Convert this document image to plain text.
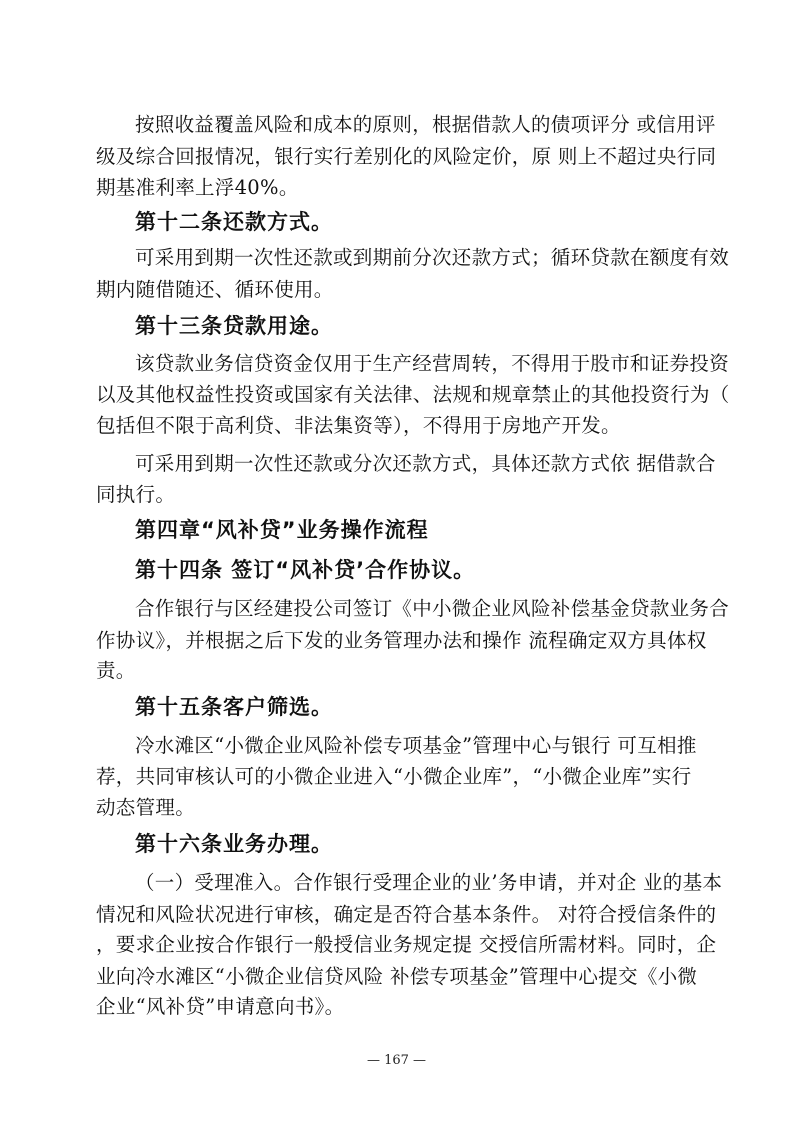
按照收益覆盖风险和成本的原则，根据借款人的债项评分 或信用评
级及综合回报情况，银行实行差别化的风险定价，原 则上不超过央行同
期基准利率上浮40%。
第十二条还款方式。
可采用到期一次性还款或到期前分次还款方式；循环贷款在额度有效
期内随借随还、循环使用。
第十三条贷款用途。
该贷款业务信贷资金仅用于生产经营周转，不得用于股市和证券投资
以及其他权益性投资或国家有关法律、法规和规章禁止的其他投资行为（
包括但不限于高利贷、非法集资等），不得用于房地产开发。
可采用到期一次性还款或分次还款方式，具体还款方式依 据借款合
同执行。
第四章“风补贷”业务操作流程
第十四条 签订“风补贷’合作协议。
合作银行与区经建投公司签订《中小微企业风险补偿基金贷款业务合
作协议》，并根据之后下发的业务管理办法和操作 流程确定双方具体权
责。
第十五条客户筛选。
冷水滩区“小微企业风险补偿专项基金”管理中心与银行 可互相推
荐，共同审核认可的小微企业进入“小微企业库”，“小微企业库”实行
动态管理。
第十六条业务办理。
（一）受理准入。合作银行受理企业的业’务申请，并对企 业的基本
情况和风险状况进行审核，确定是否符合基本条件。 对符合授信条件的
，要求企业按合作银行一般授信业务规定提 交授信所需材料。同时，企
业向冷水滩区“小微企业信贷风险 补偿专项基金”管理中心提交《小微
企业“风补贷”申请意向书》。
— 167 —
